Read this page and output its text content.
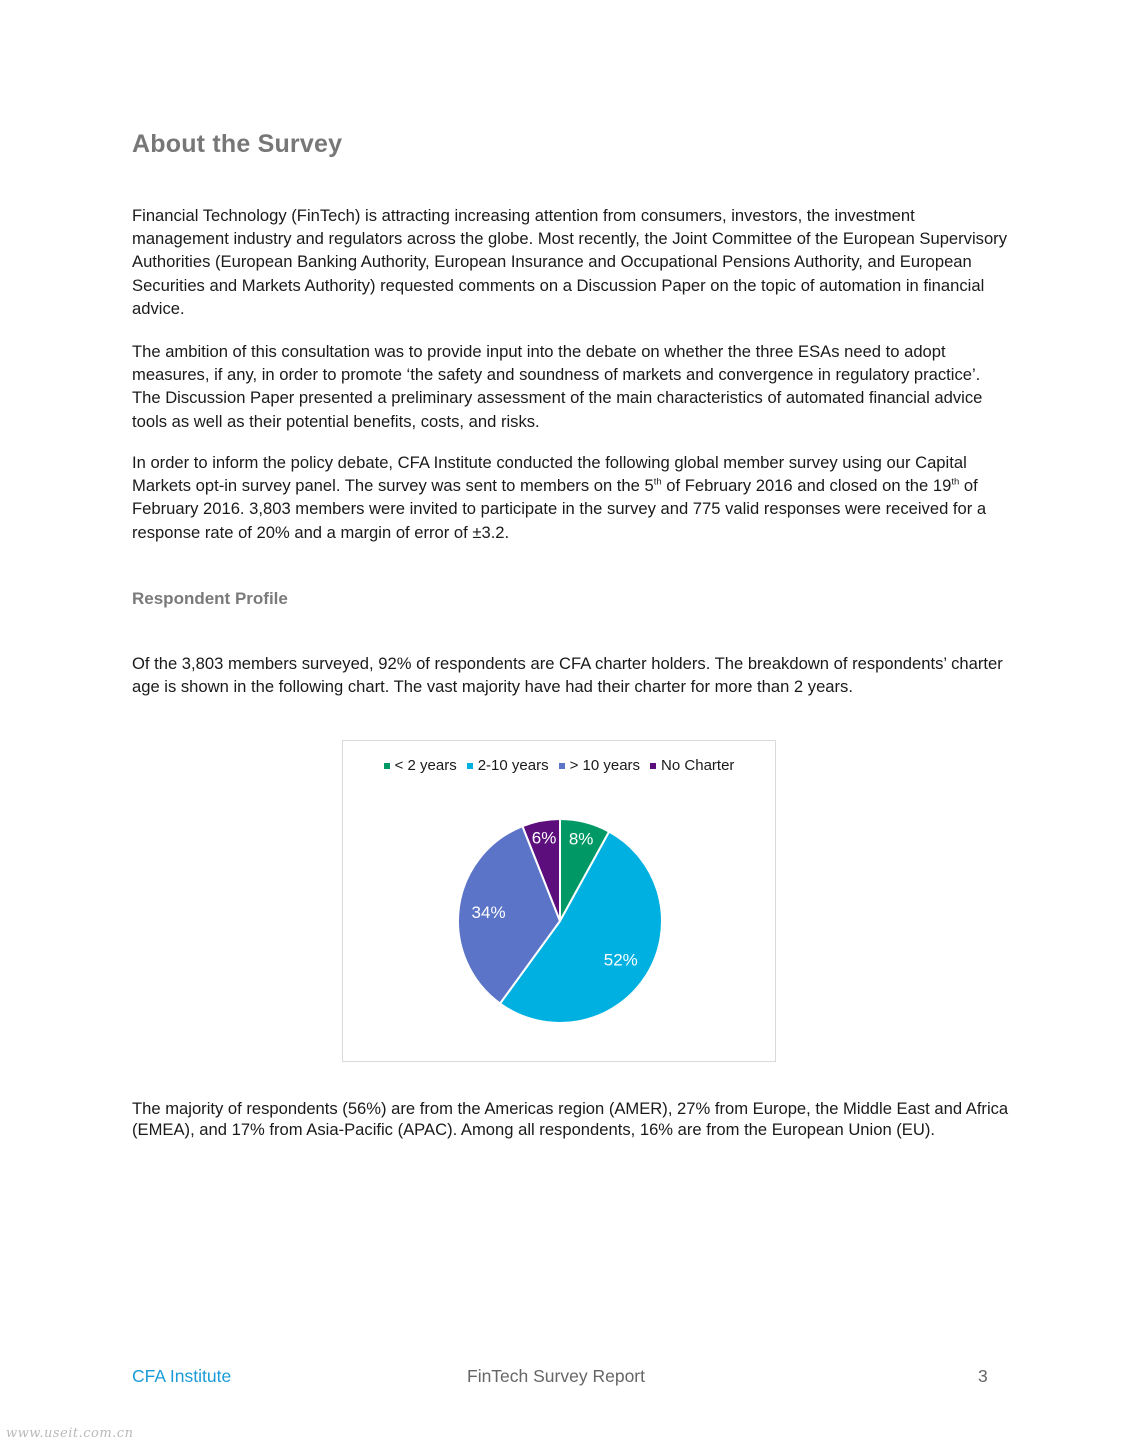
About the Survey

Financial Technology (FinTech) is attracting increasing attention from consumers, investors, the investment management industry and regulators across the globe. Most recently, the Joint Committee of the European Supervisory Authorities (European Banking Authority, European Insurance and Occupational Pensions Authority, and European Securities and Markets Authority) requested comments on a Discussion Paper on the topic of automation in financial advice.

The ambition of this consultation was to provide input into the debate on whether the three ESAs need to adopt measures, if any, in order to promote ‘the safety and soundness of markets and convergence in regulatory practice’. The Discussion Paper presented a preliminary assessment of the main characteristics of automated financial advice tools as well as their potential benefits, costs, and risks.

In order to inform the policy debate, CFA Institute conducted the following global member survey using our Capital Markets opt-in survey panel. The survey was sent to members on the 5th of February 2016 and closed on the 19th of February 2016. 3,803 members were invited to participate in the survey and 775 valid responses were received for a response rate of 20% and a margin of error of ±3.2.

Respondent Profile

Of the 3,803 members surveyed, 92% of respondents are CFA charter holders. The breakdown of respondents’ charter age is shown in the following chart. The vast majority have had their charter for more than 2 years.

< 2 years 2-10 years > 10 years No Charter
8%
52%
34%
6%

The majority of respondents (56%) are from the Americas region (AMER), 27% from Europe, the Middle East and Africa (EMEA), and 17% from Asia-Pacific (APAC). Among all respondents, 16% are from the European Union (EU).

CFA Institute	FinTech Survey Report	3
www.useit.com.cn
